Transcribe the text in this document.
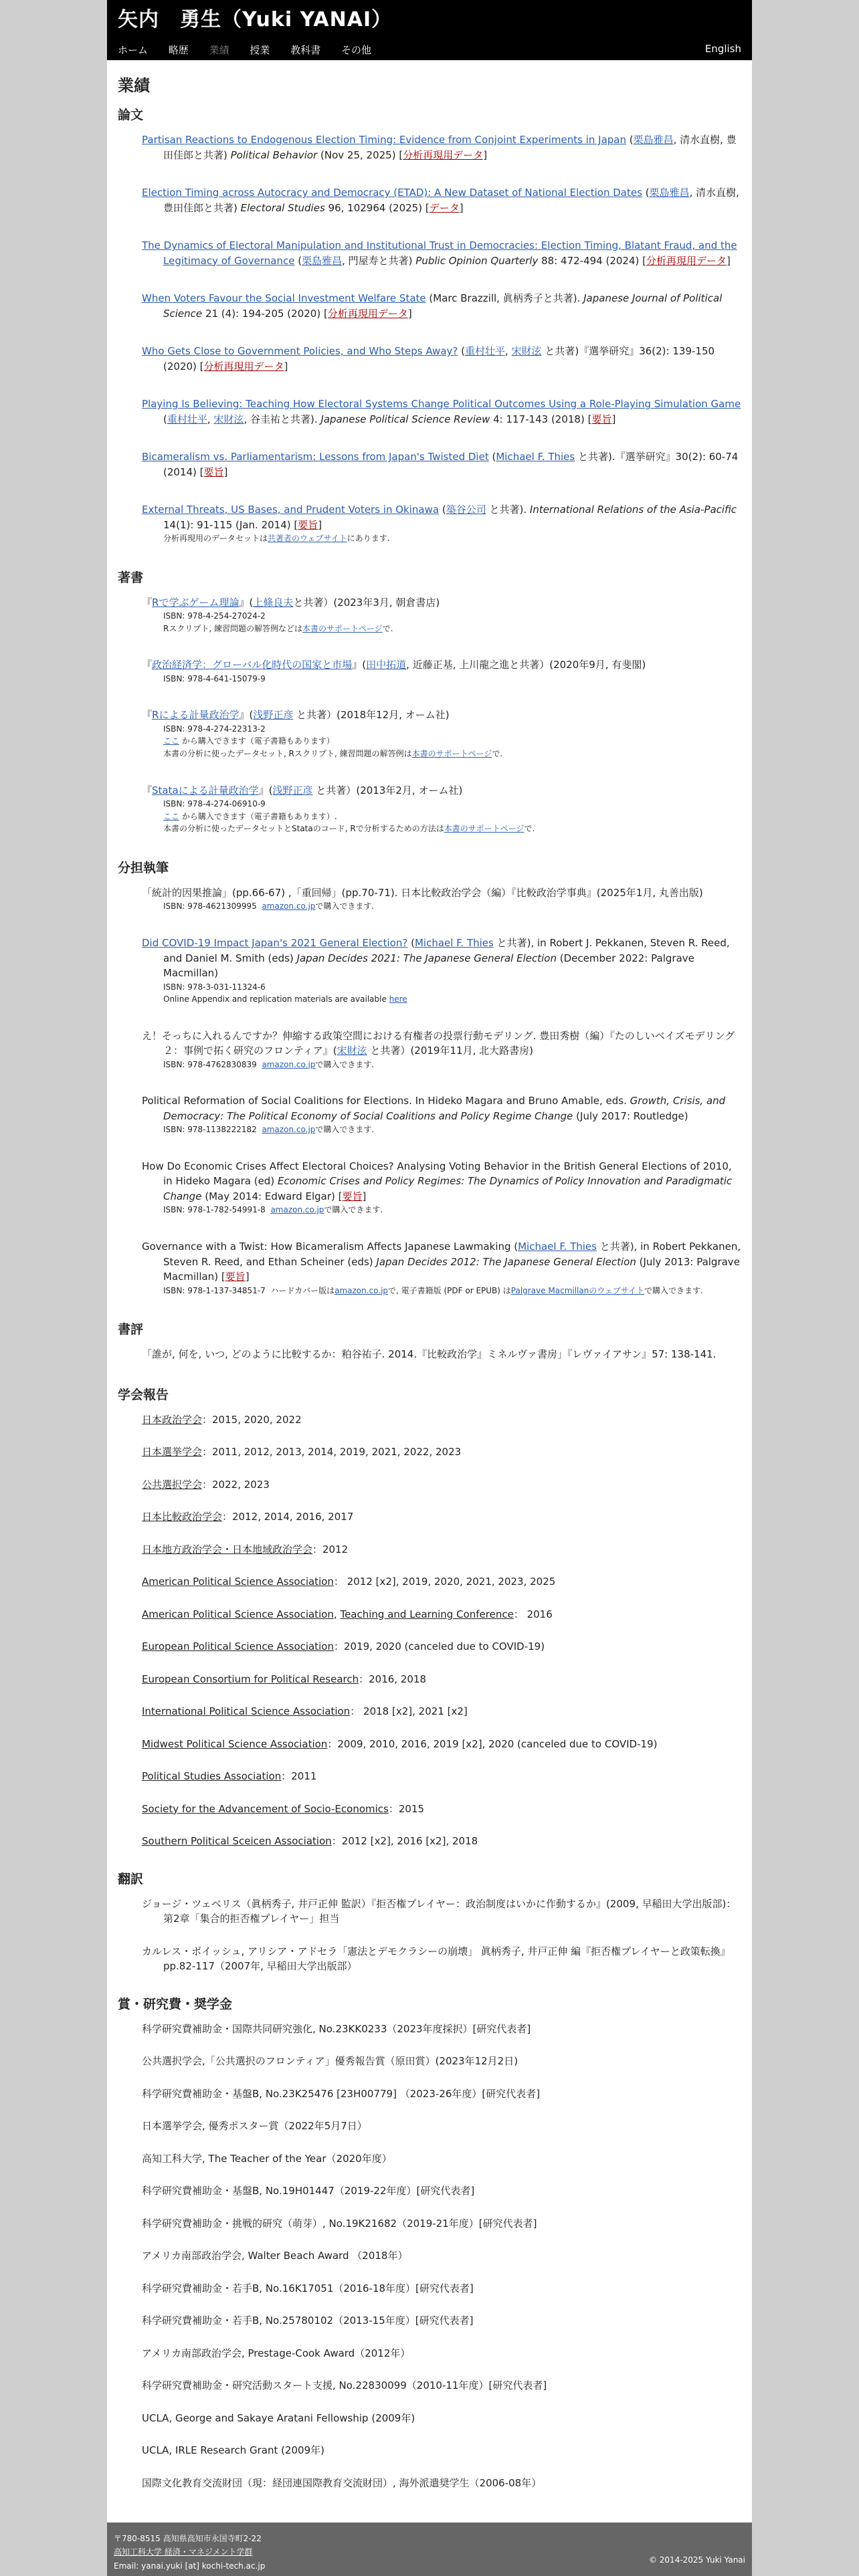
矢内　勇生（Yuki YANAI）
ホーム 略歴 業績 授業 教科書 その他	English
業績
論文
Partisan Reactions to Endogenous Election Timing: Evidence from Conjoint Experiments in Japan (栗島雅昌, 清水直樹, 豊田佳郎と共著) Political Behavior (Nov 25, 2025) [分析再現用データ]
Election Timing across Autocracy and Democracy (ETAD): A New Dataset of National Election Dates (栗島雅昌, 清水直樹, 豊田佳郎と共著) Electoral Studies 96, 102964 (2025) [データ]
The Dynamics of Electoral Manipulation and Institutional Trust in Democracies: Election Timing, Blatant Fraud, and the Legitimacy of Governance (栗島雅昌, 門屋寿と共著) Public Opinion Quarterly 88: 472-494 (2024) [分析再現用データ]
When Voters Favour the Social Investment Welfare State (Marc Brazzill, 眞柄秀子と共著). Japanese Journal of Political Science 21 (4): 194-205 (2020) [分析再現用データ]
Who Gets Close to Government Policies, and Who Steps Away? (重村壮平, 宋財泫 と共著)『選挙研究』36(2): 139-150 (2020) [分析再現用データ]
Playing Is Believing: Teaching How Electoral Systems Change Political Outcomes Using a Role-Playing Simulation Game (重村壮平, 宋財泫, 谷圭祐と共著). Japanese Political Science Review 4: 117-143 (2018) [要旨]
Bicameralism vs. Parliamentarism: Lessons from Japan's Twisted Diet (Michael F. Thies と共著).『選挙研究』30(2): 60-74 (2014) [要旨]
External Threats, US Bases, and Prudent Voters in Okinawa (築谷公司 と共著). International Relations of the Asia-Pacific 14(1): 91-115 (Jan. 2014) [要旨]
分析再現用のデータセットは共著者のウェブサイトにあります.
著書
『Rで学ぶゲーム理論』(上條良夫と共著）(2023年3月, 朝倉書店)
ISBN: 978-4-254-27024-2
Rスクリプト, 練習問題の解答例などは本書のサポートページで.
『政治経済学：グローバル化時代の国家と市場』(田中拓道, 近藤正基, 上川龍之進と共著）(2020年9月, 有斐閣)
ISBN: 978-4-641-15079-9
『Rによる計量政治学』(浅野正彦 と共著）(2018年12月, オーム社)
ISBN: 978-4-274-22313-2
ここ から購入できます（電子書籍もあります）
本書の分析に使ったデータセット, Rスクリプト, 練習問題の解答例は本書のサポートページで.
『Stataによる計量政治学』(浅野正彦 と共著）(2013年2月, オーム社)
ISBN: 978-4-274-06910-9
ここ から購入できます（電子書籍もあります）.
本書の分析に使ったデータセットとStataのコード, Rで分析するための方法は本書のサポートページで.
分担執筆
「統計的因果推論」(pp.66-67) ,「重回帰」(pp.70-71). 日本比較政治学会（編）『比較政治学事典』(2025年1月, 丸善出版)
ISBN: 978-4621309995 amazon.co.jpで購入できます.
Did COVID-19 Impact Japan's 2021 General Election? (Michael F. Thies と共著), in Robert J. Pekkanen, Steven R. Reed, and Daniel M. Smith (eds) Japan Decides 2021: The Japanese General Election (December 2022: Palgrave Macmillan)
ISBN: 978-3-031-11324-6
Online Appendix and replication materials are available here
え！そっちに入れるんですか？伸縮する政策空間における有権者の投票行動モデリング. 豊田秀樹（編）『たのしいベイズモデリング２：事例で拓く研究のフロンティア』(宋財泫 と共著）(2019年11月, 北大路書房)
ISBN: 978-4762830839 amazon.co.jpで購入できます.
Political Reformation of Social Coalitions for Elections. In Hideko Magara and Bruno Amable, eds. Growth, Crisis, and Democracy: The Political Economy of Social Coalitions and Policy Regime Change (July 2017: Routledge)
ISBN: 978-1138222182 amazon.co.jpで購入できます.
How Do Economic Crises Affect Electoral Choices? Analysing Voting Behavior in the British General Elections of 2010, in Hideko Magara (ed) Economic Crises and Policy Regimes: The Dynamics of Policy Innovation and Paradigmatic Change (May 2014: Edward Elgar) [要旨]
ISBN: 978-1-782-54991-8 amazon.co.jpで購入できます.
Governance with a Twist: How Bicameralism Affects Japanese Lawmaking (Michael F. Thies と共著), in Robert Pekkanen, Steven R. Reed, and Ethan Scheiner (eds) Japan Decides 2012: The Japanese General Election (July 2013: Palgrave Macmillan) [要旨]
ISBN: 978-1-137-34851-7 ハードカバー版はamazon.co.jpで, 電子書籍版 (PDF or EPUB) はPalgrave Macmillanのウェブサイトで購入できます.
書評
「誰が, 何を, いつ, どのように比較するか：粕谷祐子. 2014.『比較政治学』ミネルヴァ書房」『レヴァイアサン』57: 138-141.
学会報告
日本政治学会：2015, 2020, 2022
日本選挙学会：2011, 2012, 2013, 2014, 2019, 2021, 2022, 2023
公共選択学会：2022, 2023
日本比較政治学会：2012, 2014, 2016, 2017
日本地方政治学会・日本地域政治学会：2012
American Political Science Association： 2012 [x2], 2019, 2020, 2021, 2023, 2025
American Political Science Association, Teaching and Learning Conference： 2016
European Political Science Association：2019, 2020 (canceled due to COVID-19)
European Consortium for Political Research：2016, 2018
International Political Science Association： 2018 [x2], 2021 [x2]
Midwest Political Science Association：2009, 2010, 2016, 2019 [x2], 2020 (canceled due to COVID-19)
Political Studies Association：2011
Society for the Advancement of Socio-Economics：2015
Southern Political Sceicen Association：2012 [x2], 2016 [x2], 2018
翻訳
ジョージ・ツェベリス（眞柄秀子, 井戸正伸 監訳）『拒否権プレイヤー：政治制度はいかに作動するか』(2009, 早稲田大学出版部)：第2章「集合的拒否権プレイヤー」担当
カルレス・ボイッシュ, アリシア・アドセラ「憲法とデモクラシーの崩壊」 眞柄秀子, 井戸正伸 編『拒否権プレイヤーと政策転換』pp.82-117（2007年, 早稲田大学出版部）
賞・研究費・奨学金
科学研究費補助金・国際共同研究強化, No.23KK0233（2023年度採択）[研究代表者]
公共選択学会,「公共選択のフロンティア」優秀報告賞（原田賞）(2023年12月2日)
科学研究費補助金・基盤B, No.23K25476 [23H00779] （2023-26年度）[研究代表者]
日本選挙学会, 優秀ポスター賞（2022年5月7日）
高知工科大学, The Teacher of the Year（2020年度）
科学研究費補助金・基盤B, No.19H01447（2019-22年度）[研究代表者]
科学研究費補助金・挑戦的研究（萌芽）, No.19K21682（2019-21年度）[研究代表者]
アメリカ南部政治学会, Walter Beach Award （2018年）
科学研究費補助金・若手B, No.16K17051（2016-18年度）[研究代表者]
科学研究費補助金・若手B, No.25780102（2013-15年度）[研究代表者]
アメリカ南部政治学会, Prestage-Cook Award（2012年）
科学研究費補助金・研究活動スタート支援, No.22830099（2010-11年度）[研究代表者]
UCLA, George and Sakaye Aratani Fellowship (2009年)
UCLA, IRLE Research Grant (2009年)
国際文化教育交流財団（現：経団連国際教育交流財団）, 海外派遣奨学生（2006-08年）
〒780-8515 高知県高知市永国寺町2-22
高知工科大学 経済・マネジメント学群
Email: yanai.yuki [at] kochi-tech.ac.jp
© 2014-2025 Yuki Yanai
